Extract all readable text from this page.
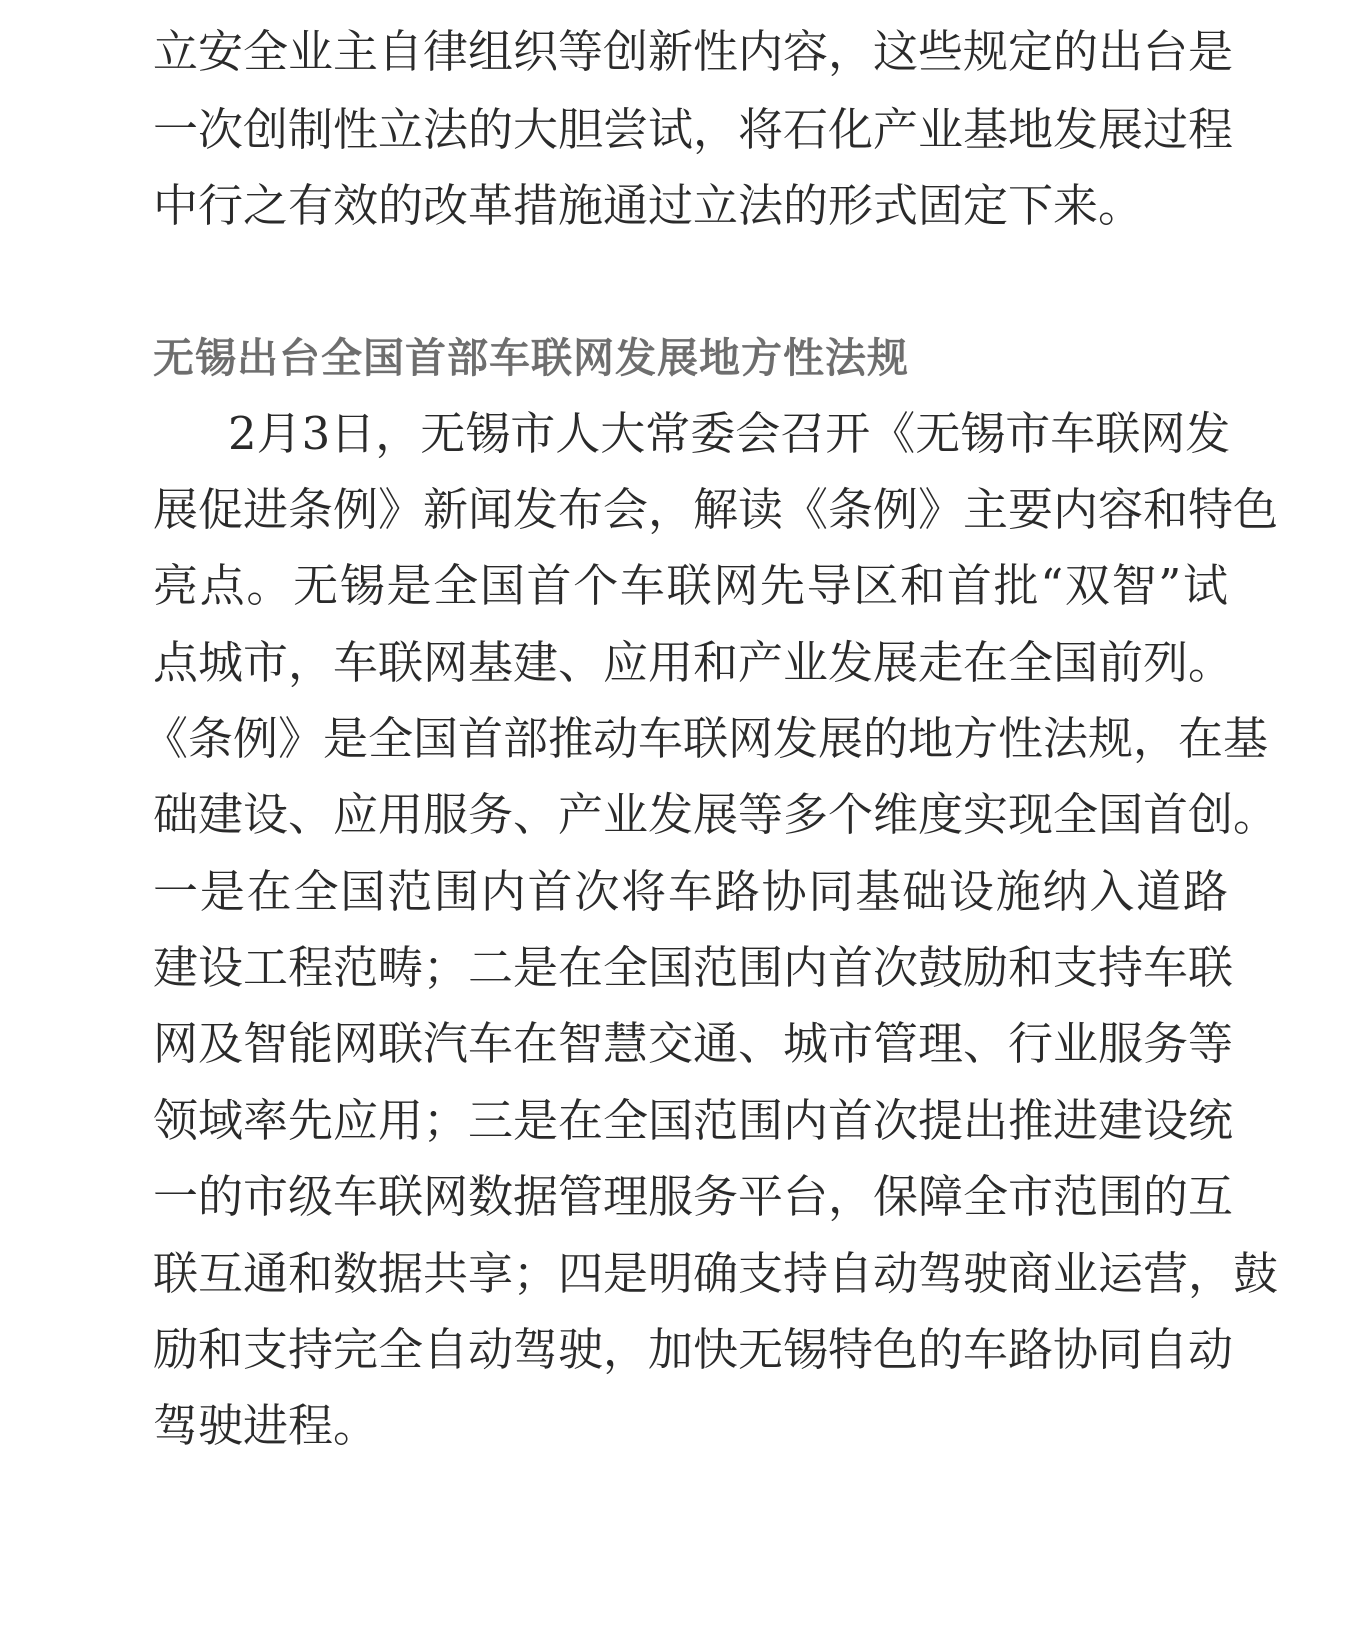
立安全业主自律组织等创新性内容，这些规定的出台是
一次创制性立法的大胆尝试，将石化产业基地发展过程
中行之有效的改革措施通过立法的形式固定下来。
无锡出台全国首部车联网发展地方性法规
2月3日，无锡市人大常委会召开《无锡市车联网发
展促进条例》新闻发布会，解读《条例》主要内容和特色
亮点。无锡是全国首个车联网先导区和首批“双智”试
点城市，车联网基建、应用和产业发展走在全国前列。
《条例》是全国首部推动车联网发展的地方性法规，在基
础建设、应用服务、产业发展等多个维度实现全国首创。
一是在全国范围内首次将车路协同基础设施纳入道路
建设工程范畴；二是在全国范围内首次鼓励和支持车联
网及智能网联汽车在智慧交通、城市管理、行业服务等
领域率先应用；三是在全国范围内首次提出推进建设统
一的市级车联网数据管理服务平台，保障全市范围的互
联互通和数据共享；四是明确支持自动驾驶商业运营，鼓
励和支持完全自动驾驶，加快无锡特色的车路协同自动
驾驶进程。
